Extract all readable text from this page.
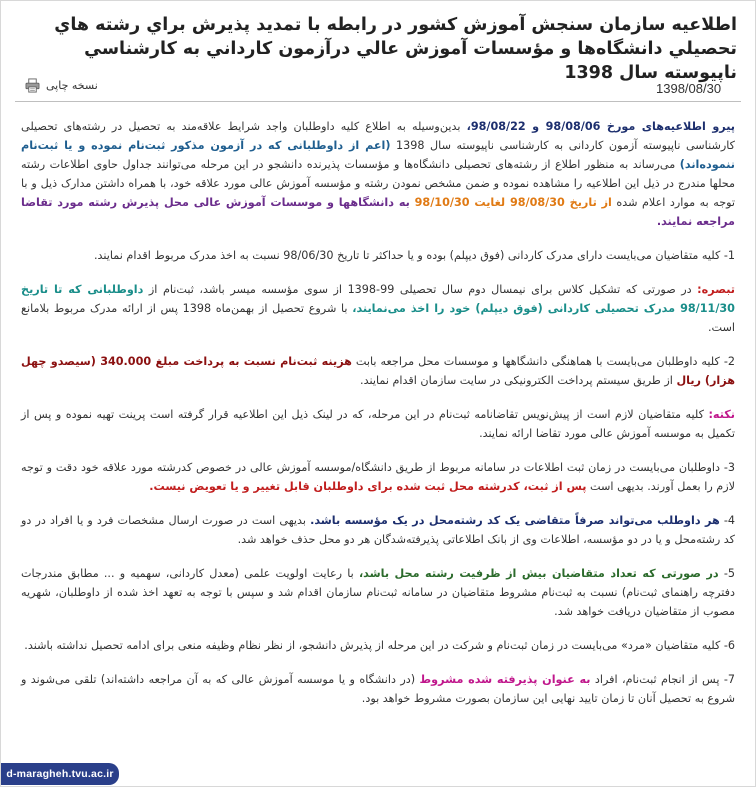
اطلاعيه سازمان سنجش آموزش کشور در رابطه با تمديد پذيرش براي رشته هاي تحصيلي دانشگاه‌ها و مؤسسات آموزش عالي درآزمون کارداني به کارشناسي ناپيوسته سال 1398
نسخه چاپی	1398/08/30

پیرو اطلاعیه‌های مورخ 98/08/06 و 98/08/22، بدین‌وسیله به اطلاع کلیه داوطلبان واجد شرایط علاقه‌مند به تحصیل در رشته‌های تحصیلی کارشناسی ناپیوسته آزمون کاردانی به کارشناسی ناپیوسته سال 1398 (اعم از داوطلبانی که در آزمون مذکور ثبت‌نام نموده و یا ثبت‌نام ننموده‌اند) می‌رساند به منظور اطلاع از رشته‌های تحصیلی دانشگاه‌ها و مؤسسات پذیرنده دانشجو در این مرحله می‌توانند جداول حاوی اطلاعات رشته محلها مندرج در ذیل این اطلاعیه را مشاهده نموده و ضمن مشخص نمودن رشته و مؤسسه آموزش عالی مورد علاقه خود، با همراه داشتن مدارک ذیل و با توجه به موارد اعلام شده از تاریخ 98/08/30 لغایت 98/10/30 به دانشگاهها و موسسات آموزش عالی محل پذیرش رشته مورد تقاضا مراجعه نمایند.

1- کلیه متقاضیان می‌بایست دارای مدرک کاردانی (فوق دیپلم) بوده و یا حداکثر تا تاریخ 98/06/30 نسبت به اخذ مدرک مربوط اقدام نمایند.

تبصره: در صورتی که تشکیل کلاس برای نیمسال دوم سال تحصیلی 99-1398 از سوی مؤسسه میسر باشد، ثبت‌نام از داوطلبانی که تا تاریخ 98/11/30 مدرک تحصیلی کاردانی (فوق دیپلم) خود را اخذ می‌نمایند، با شروع تحصیل از بهمن‌ماه 1398 پس از ارائه مدرک مربوط بلامانع است.

2- کلیه داوطلبان می‌بایست با هماهنگی دانشگاهها و موسسات محل مراجعه بابت هزینه ثبت‌نام نسبت به پرداخت مبلغ 340.000 (سیصدو چهل هزار) ریال از طریق سیستم پرداخت الکترونیکی در سایت سازمان اقدام نمایند.

نکته: کلیه متقاضیان لازم است از پیش‌نویس تقاضانامه ثبت‌نام در این مرحله، که در لینک ذیل این اطلاعیه قرار گرفته است پرینت تهیه نموده و پس از تکمیل به موسسه آموزش عالی مورد تقاضا ارائه نمایند.

3- داوطلبان می‌بایست در زمان ثبت اطلاعات در سامانه مربوط از طریق دانشگاه/موسسه آموزش عالی در خصوص کدرشته مورد علاقه خود دقت و توجه لازم را بعمل آورند. بدیهی است پس از ثبت، کدرشته محل ثبت شده برای داوطلبان قابل تغییر و یا تعویض نیست.

4- هر داوطلب می‌تواند صرفاً متقاضی یک کد رشته‌محل در یک مؤسسه باشد. بدیهی است در صورت ارسال مشخصات فرد و یا افراد در دو کد رشته‌محل و یا در دو مؤسسه، اطلاعات وی از بانک اطلاعاتی پذیرفته‌شدگان هر دو محل حذف خواهد شد.

5- در صورتی که تعداد متقاضیان بیش از ظرفیت رشته محل باشد، با رعایت اولویت علمی (معدل کاردانی، سهمیه و ... مطابق مندرجات دفترچه راهنمای ثبت‌نام) نسبت به ثبت‌نام مشروط متقاضیان در سامانه ثبت‌نام سازمان اقدام شد و سپس با توجه به تعهد اخذ شده از داوطلبان، شهریه مصوب از متقاضیان دریافت خواهد شد.

6- کلیه متقاضیان «مرد» می‌بایست در زمان ثبت‌نام و شرکت در این مرحله از پذیرش دانشجو، از نظر نظام وظیفه منعی برای ادامه تحصیل نداشته باشند.

7- پس از انجام ثبت‌نام، افراد به عنوان پذیرفته شده مشروط (در دانشگاه و یا موسسه آموزش عالی که به آن مراجعه داشته‌اند) تلقی می‌شوند و شروع به تحصیل آنان تا زمان تایید نهایی این سازمان بصورت مشروط خواهد بود.

d-maragheh.tvu.ac.ir
